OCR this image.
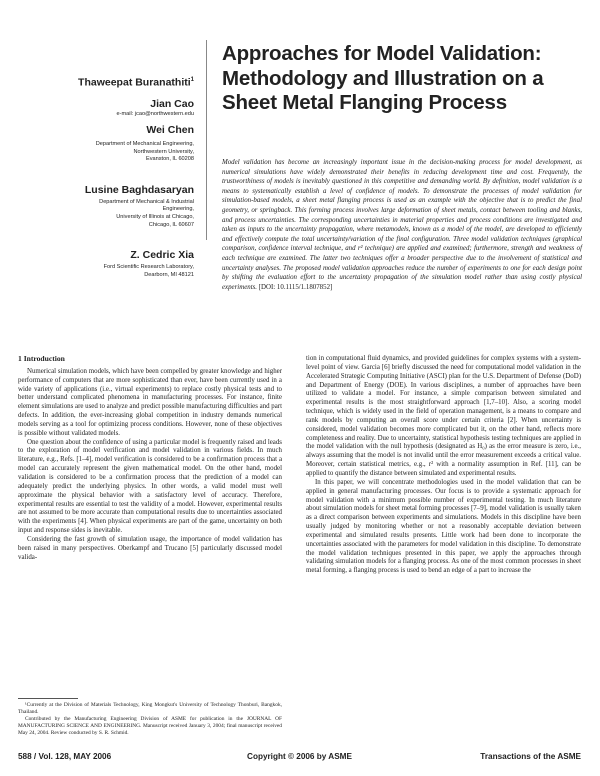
Approaches for Model Validation:
Methodology and Illustration on a
Sheet Metal Flanging Process
Thaweepat Buranathiti$^1$
Jian Cao
e-mail: jcao@northwestern.edu
Wei Chen
Department of Mechanical Engineering,
Northwestern University,
Evanston, IL 60208
Lusine Baghdasaryan
Department of Mechanical & Industrial
Engineering,
University of Illinois at Chicago,
Chicago, IL 60607
Z. Cedric Xia
Ford Scientific Research Laboratory,
Dearborn, MI 48121
Model validation has become an increasingly important issue in the decision-making process for model development, as numerical simulations have widely demonstrated their benefits in reducing development time and cost. Frequently, the trustworthiness of models is inevitably questioned in this competitive and demanding world. By definition, model validation is a means to systematically establish a level of confidence of models. To demonstrate the processes of model validation for simulation-based models, a sheet metal flanging process is used as an example with the objective that is to predict the final geometry, or springback. This forming process involves large deformation of sheet metals, contact between tooling and blanks, and process uncertainties. The corresponding uncertainties in material properties and process conditions are investigated and taken as inputs to the uncertainty propagation, where metamodels, known as a model of the model, are developed to efficiently and effectively compute the total uncertainty/variation of the final configuration. Three model validation techniques (graphical comparison, confidence interval technique, and r² technique) are applied and examined; furthermore, strength and weakness of each technique are examined. The latter two techniques offer a broader perspective due to the involvement of statistical and uncertainty analyses. The proposed model validation approaches reduce the number of experiments to one for each design point by shifting the evaluation effort to the uncertainty propagation of the simulation model rather than using costly physical experiments. [DOI: 10.1115/1.1807852]
1 Introduction

Numerical simulation models, which have been compelled by greater knowledge and higher performance of computers that are more sophisticated than ever, have been currently used in a wide variety of applications (i.e., virtual experiments) to replace costly physical tests and to better understand complicated phenomena in manufacturing processes. For instance, finite element simulations are used to analyze and predict possible manufacturing difficulties and part defects. In addition, the ever-increasing global competition in industry demands numerical models serving as a tool for optimizing process conditions. However, none of these objectives is possible without validated models.

One question about the confidence of using a particular model is frequently raised and leads to the exploration of model verification and model validation in various fields. In much literature, e.g., Refs. [1–4], model verification is considered to be a confirmation process that a model can accurately represent the given mathematical model. On the other hand, model validation is considered to be a confirmation process that the prediction of a model can adequately predict the underlying physics. In other words, a valid model must well approximate the physical behavior with a satisfactory level of accuracy. Therefore, experimental results are essential to test the validity of a model. However, experimental results are not assumed to be more accurate than computational results due to uncertainties associated with the experiments [4]. When physical experiments are part of the game, uncertainty on both input and response sides is inevitable.

Considering the fast growth of simulation usage, the importance of model validation has been raised in many perspectives. Oberkampf and Trucano [5] particularly discussed model valida-

¹Currently at the Division of Materials Technology, King Mongkut's University of Technology Thonburi, Bangkok, Thailand.
Contributed by the Manufacturing Engineering Division of ASME for publication in the JOURNAL OF MANUFACTURING SCIENCE AND ENGINEERING. Manuscript received January 3, 2004; final manuscript received May 24, 2004. Review conducted by S. R. Schmid.

tion in computational fluid dynamics, and provided guidelines for complex systems with a system-level point of view. Garcia [6] briefly discussed the need for computational model validation in the Accelerated Strategic Computing Initiative (ASCI) plan for the U.S. Department of Defense (DoD) and Department of Energy (DOE). In various disciplines, a number of approaches have been utilized to validate a model. For instance, a simple comparison between simulated and experimental results is the most straightforward approach [1,7–10]. Also, a scoring model technique, which is widely used in the field of operation management, is a means to compare and rank models by computing an overall score under certain criteria [2]. When uncertainty is considered, model validation becomes more complicated but it, on the other hand, reflects more completeness and reality. Due to uncertainty, statistical hypothesis testing techniques are applied in the model validation with the null hypothesis (designated as H₀) as the error measure is zero, i.e., always assuming that the model is not invalid until the error measurement exceeds a critical value. Moreover, certain statistical metrics, e.g., r² with a normality assumption in Ref. [11], can be applied to quantify the distance between simulated and experimental results.

In this paper, we will concentrate methodologies used in the model validation that can be applied in general manufacturing processes. Our focus is to provide a systematic approach for model validation with a minimum possible number of experimental testing. In much literature about simulation models for sheet metal forming processes [7–9], model validation is usually taken as a direct comparison between experiments and simulations. Models in this discipline have been usually judged by monitoring whether or not a reasonably acceptable deviation between experimental and simulated results presents. Little work had been done to incorporate the uncertainties associated with the parameters for model validation in this discipline. To demonstrate the model validation techniques presented in this paper, we apply the approaches through validating simulation models for a flanging process. As one of the most common processes in sheet metal forming, a flanging process is used to bend an edge of a part to increase the

588 / Vol. 128, MAY 2006	Copyright © 2006 by ASME	Transactions of the ASME
